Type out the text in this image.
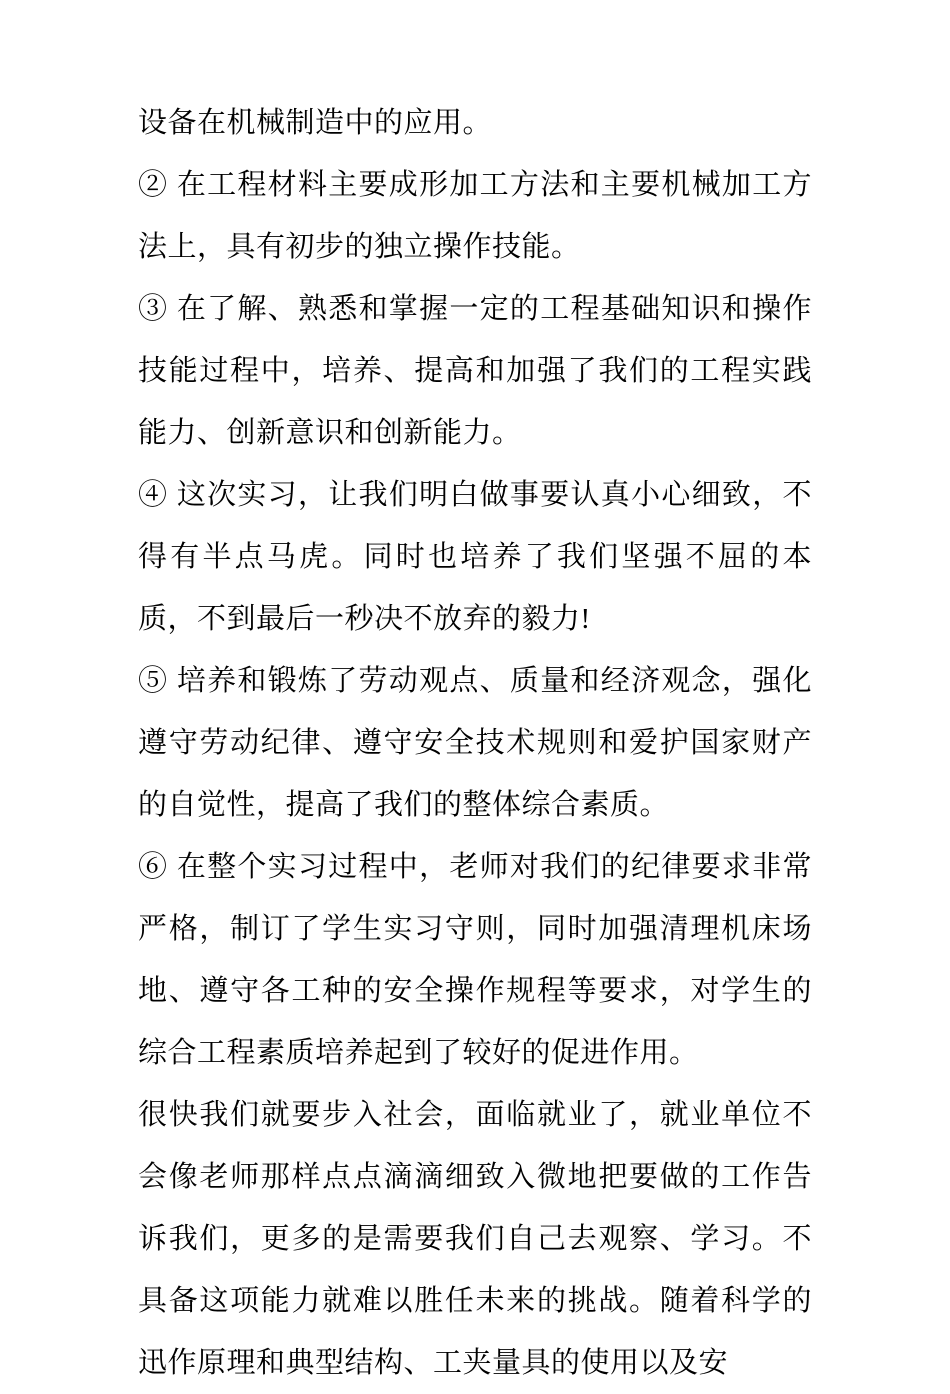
设备在机械制造中的应用。

② 在工程材料主要成形加工方法和主要机械加工方法上，具有初步的独立操作技能。

③ 在了解、熟悉和掌握一定的工程基础知识和操作技能过程中，培养、提高和加强了我们的工程实践能力、创新意识和创新能力。

④ 这次实习，让我们明白做事要认真小心细致，不得有半点马虎。同时也培养了我们坚强不屈的本质，不到最后一秒决不放弃的毅力!

⑤ 培养和锻炼了劳动观点、质量和经济观念，强化遵守劳动纪律、遵守安全技术规则和爱护国家财产的自觉性，提高了我们的整体综合素质。

⑥ 在整个实习过程中，老师对我们的纪律要求非常严格，制订了学生实习守则，同时加强清理机床场地、遵守各工种的安全操作规程等要求，对学生的综合工程素质培养起到了较好的促进作用。

很快我们就要步入社会，面临就业了，就业单位不会像老师那样点点滴滴细致入微地把要做的工作告诉我们，更多的是需要我们自己去观察、学习。不具备这项能力就难以胜任未来的挑战。随着科学的迅作原理和典型结构、工夹量具的使用以及安
